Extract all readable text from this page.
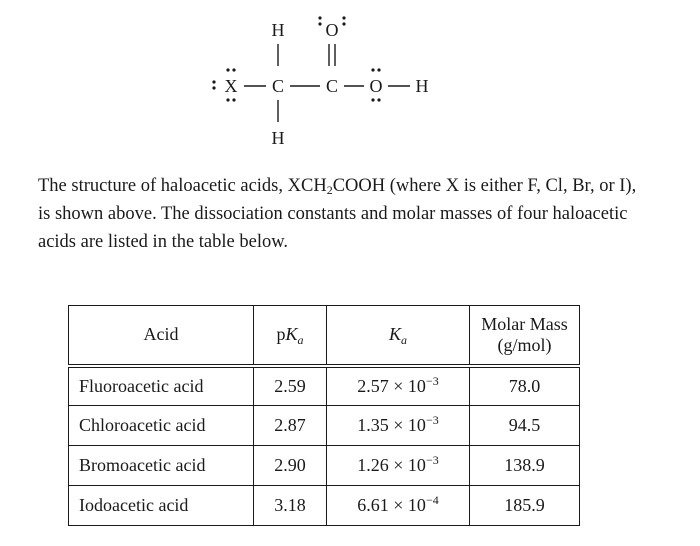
H O
X C C O H
H
The structure of haloacetic acids, $XCH_2COOH$ (where X is either F, Cl, Br, or I), is shown above. The dissociation constants and molar masses of four haloacetic acids are listed in the table below.
Acid	$pK_a$	$K_a$	Molar Mass
(g/mol)

Fluoroacetic acid	2.59	$2.57 \times 10^{-3}$	78.0
Chloroacetic acid	2.87	$1.35 \times 10^{-3}$	94.5
Bromoacetic acid	2.90	$1.26 \times 10^{-3}$	138.9
Iodoacetic acid	3.18	$6.61 \times 10^{-4}$	185.9
